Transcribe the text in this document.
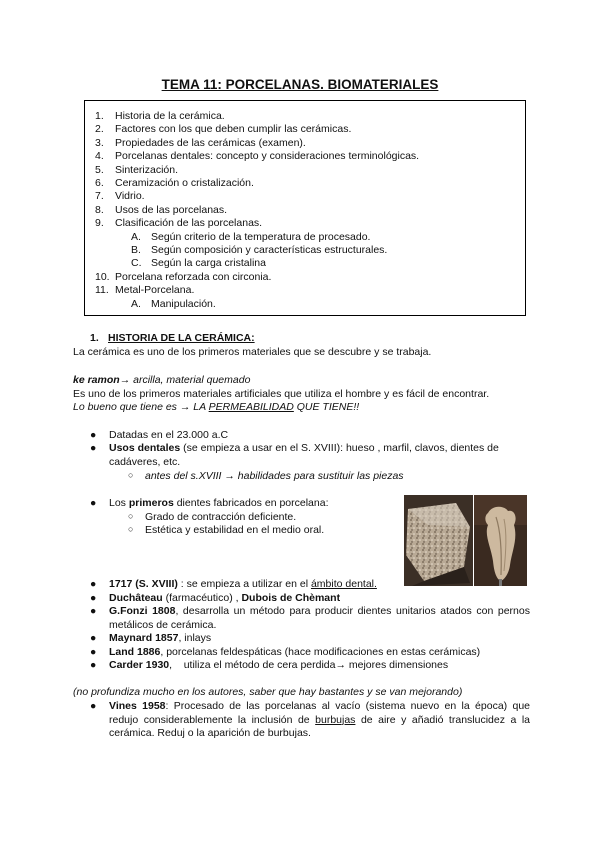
TEMA 11: PORCELANAS. BIOMATERIALES
1.	Historia de la cerámica.
2.	Factores con los que deben cumplir las cerámicas.
3.	Propiedades de las cerámicas (examen).
4.	Porcelanas dentales: concepto y consideraciones terminológicas.
5.	Sinterización.
6.	Ceramización o cristalización.
7.	Vidrio.
8.	Usos de las porcelanas.
9.	Clasificación de las porcelanas.
A. Según criterio de la temperatura de procesado.
B. Según composición y características estructurales.
C. Según la carga cristalina
10. Porcelana reforzada con circonia.
11. Metal-Porcelana.
A. Manipulación.
1. HISTORIA DE LA CERÁMICA:
La cerámica es uno de los primeros materiales que se descubre y se trabaja.
ke ramon→ arcilla, material quemado
Es uno de los primeros materiales artificiales que utiliza el hombre y es fácil de encontrar.
Lo bueno que tiene es → LA PERMEABILIDAD QUE TIENE!!
● Datadas en el 23.000 a.C
● Usos dentales (se empieza a usar en el S. XVIII): hueso , marfil, clavos, dientes de cadáveres, etc.
○ antes del s.XVIII → habilidades para sustituir las piezas
● Los primeros dientes fabricados en porcelana:
○ Grado de contracción deficiente.
○ Estética y estabilidad en el medio oral.
● 1717 (S. XVIII) : se empieza a utilizar en el ámbito dental.
● Duchâteau (farmacéutico) , Dubois de Chèmant
● G.Fonzi 1808, desarrolla un método para producir dientes unitarios atados con pernos metálicos de cerámica.
● Maynard 1857, inlays
● Land 1886, porcelanas feldespáticas (hace modificaciones en estas cerámicas)
● Carder 1930,    utiliza el método de cera perdida→ mejores dimensiones
(no profundiza mucho en los autores, saber que hay bastantes y se van mejorando)
● Vines 1958: Procesado de las porcelanas al vacío (sistema nuevo en la época) que redujo considerablemente la inclusión de burbujas de aire y añadió translucidez a la cerámica. Reduj o la aparición de burbujas.
